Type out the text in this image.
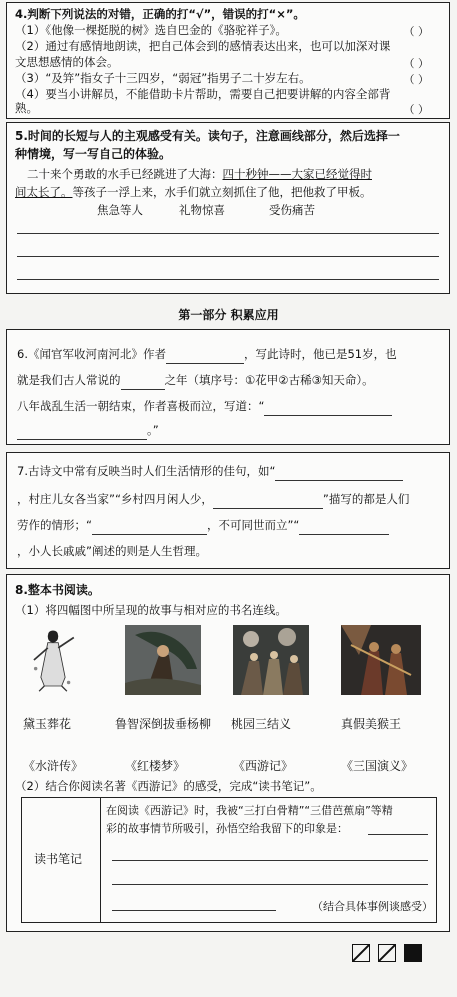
4.判断下列说法的对错，正确的打“√”，错误的打“×”。
（1）《他像一棵挺脱的树》选自巴金的《骆驼祥子》。	（ ）
（2）通过有感情地朗读，把自己体会到的感情表达出来，也可以加深对课
文思想感情的体会。	（ ）
（3）“及笄”指女子十三四岁，“弱冠”指男子二十岁左右。	（ ）
（4）要当小讲解员，不能借助卡片帮助，需要自己把要讲解的内容全部背
熟。	（ ）
5.时间的长短与人的主观感受有关。读句子，注意画线部分，然后选择一
种情境，写一写自己的体验。
二十来个勇敢的水手已经跳进了大海：四十秒钟——大家已经觉得时
间太长了。等孩子一浮上来，水手们就立刻抓住了他，把他救了甲板。
焦急等人	礼物惊喜	受伤痛苦
第一部分 积累应用
6.《闻官军收河南河北》作者	，写此诗时，他已是51岁，也
就是我们古人常说的	之年（填序号：①花甲②古稀③知天命）。
八年战乱生活一朝结束，作者喜极而泣，写道：“
。”
7.古诗文中常有反映当时人们生活情形的佳句，如“
，村庄儿女各当家”“乡村四月闲人少，	”描写的都是人们
劳作的情形；“	，不可同世而立”“
，小人长戚戚”阐述的则是人生哲理。
8.整本书阅读。
（1）将四幅图中所呈现的故事与相对应的书名连线。
黛玉葬花	鲁智深倒拔垂杨柳 桃园三结义	真假美猴王
《水浒传》	《红楼梦》	《西游记》	《三国演义》
（2）结合你阅读名著《西游记》的感受，完成“读书笔记”。
读书笔记
在阅读《西游记》时，我被“三打白骨精”“三借芭蕉扇”等精
彩的故事情节所吸引，孙悟空给我留下的印象是：
（结合具体事例谈感受）
